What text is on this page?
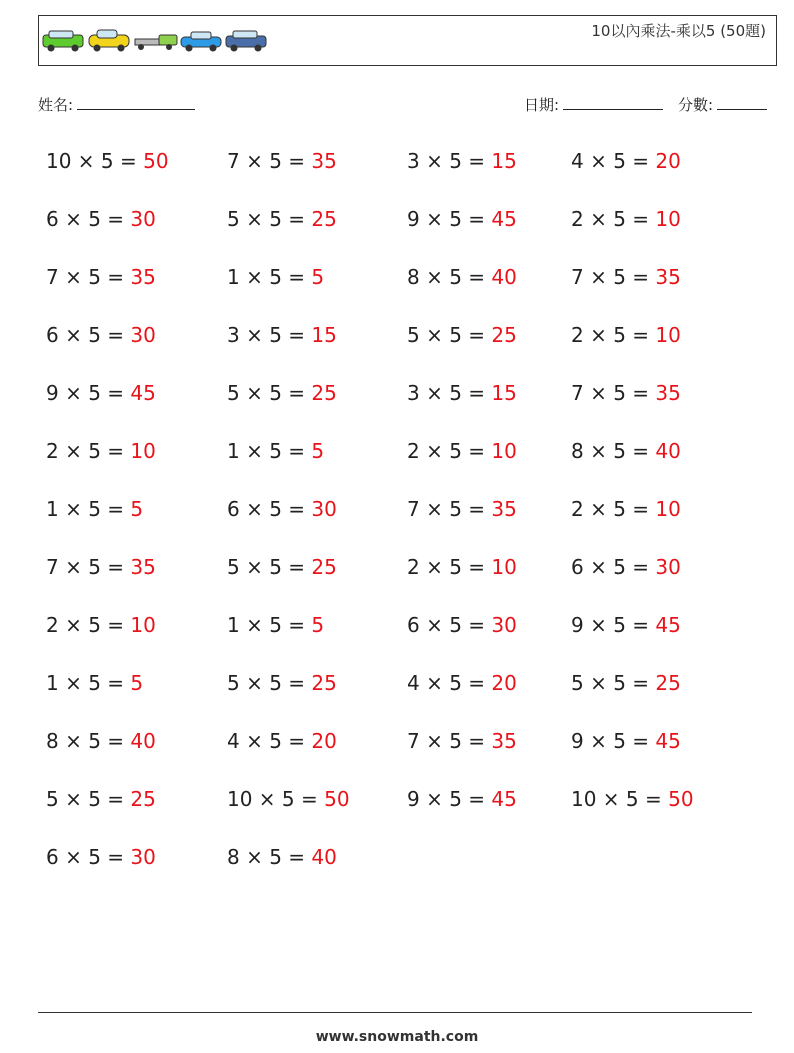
10以內乘法-乘以5 (50題)
姓名:	日期:	分數:
10 × 5 = 50	7 × 5 = 35	3 × 5 = 15	4 × 5 = 20
6 × 5 = 30	5 × 5 = 25	9 × 5 = 45	2 × 5 = 10
7 × 5 = 35	1 × 5 = 5	8 × 5 = 40	7 × 5 = 35
6 × 5 = 30	3 × 5 = 15	5 × 5 = 25	2 × 5 = 10
9 × 5 = 45	5 × 5 = 25	3 × 5 = 15	7 × 5 = 35
2 × 5 = 10	1 × 5 = 5	2 × 5 = 10	8 × 5 = 40
1 × 5 = 5	6 × 5 = 30	7 × 5 = 35	2 × 5 = 10
7 × 5 = 35	5 × 5 = 25	2 × 5 = 10	6 × 5 = 30
2 × 5 = 10	1 × 5 = 5	6 × 5 = 30	9 × 5 = 45
1 × 5 = 5	5 × 5 = 25	4 × 5 = 20	5 × 5 = 25
8 × 5 = 40	4 × 5 = 20	7 × 5 = 35	9 × 5 = 45
5 × 5 = 25	10 × 5 = 50	9 × 5 = 45	10 × 5 = 50
6 × 5 = 30	8 × 5 = 40
www.snowmath.com
